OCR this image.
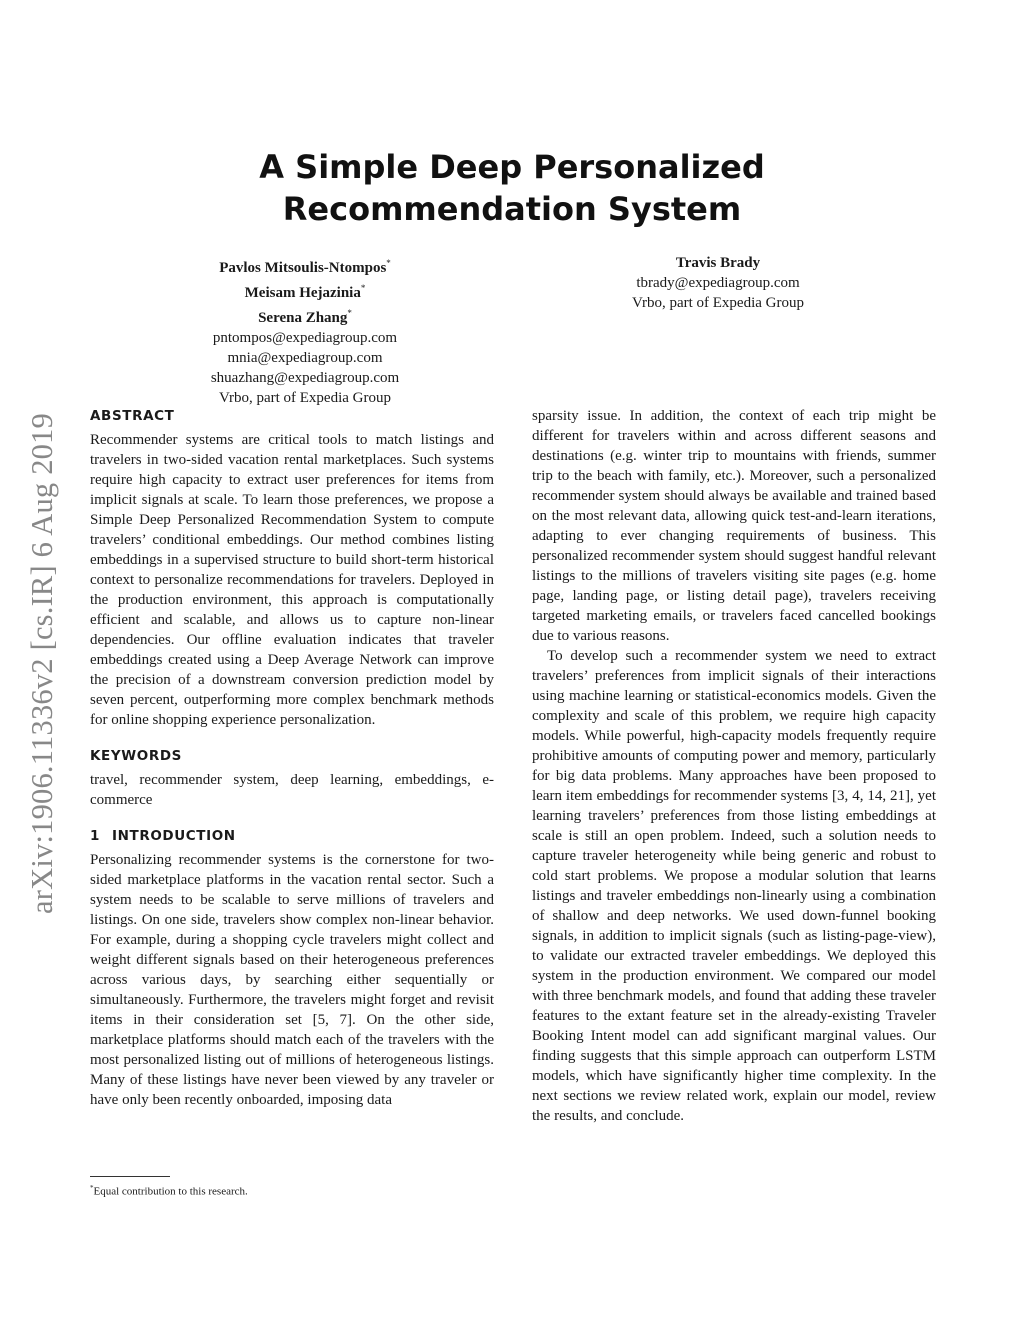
arXiv:1906.11336v2 [cs.IR] 6 Aug 2019
A Simple Deep Personalized Recommendation System
Pavlos Mitsoulis-Ntompos*
Meisam Hejazinia*
Serena Zhang*
pntompos@expediagroup.com
mnia@expediagroup.com
shuazhang@expediagroup.com
Vrbo, part of Expedia Group
Travis Brady
tbrady@expediagroup.com
Vrbo, part of Expedia Group
ABSTRACT

Recommender systems are critical tools to match listings and travelers in two-sided vacation rental marketplaces. Such systems require high capacity to extract user preferences for items from implicit signals at scale. To learn those preferences, we propose a Simple Deep Personalized Recommendation System to compute travelers’ conditional embeddings. Our method combines listing embeddings in a supervised structure to build short-term historical context to personalize recommendations for travelers. Deployed in the production environment, this approach is computationally efficient and scalable, and allows us to capture non-linear dependencies. Our offline evaluation indicates that traveler embeddings created using a Deep Average Network can improve the precision of a downstream conversion prediction model by seven percent, outperforming more complex benchmark methods for online shopping experience personalization.

KEYWORDS

travel, recommender system, deep learning, embeddings, e-commerce

1 INTRODUCTION

Personalizing recommender systems is the cornerstone for two-sided marketplace platforms in the vacation rental sector. Such a system needs to be scalable to serve millions of travelers and listings. On one side, travelers show complex non-linear behavior. For example, during a shopping cycle travelers might collect and weight different signals based on their heterogeneous preferences across various days, by searching either sequentially or simultaneously. Furthermore, the travelers might forget and revisit items in their consideration set [5, 7]. On the other side, marketplace platforms should match each of the travelers with the most personalized listing out of millions of heterogeneous listings. Many of these listings have never been viewed by any traveler or have only been recently onboarded, imposing data

sparsity issue. In addition, the context of each trip might be different for travelers within and across different seasons and destinations (e.g. winter trip to mountains with friends, summer trip to the beach with family, etc.). Moreover, such a personalized recommender system should always be available and trained based on the most relevant data, allowing quick test-and-learn iterations, adapting to ever changing requirements of business. This personalized recommender system should suggest handful relevant listings to the millions of travelers visiting site pages (e.g. home page, landing page, or listing detail page), travelers receiving targeted marketing emails, or travelers faced cancelled bookings due to various reasons.

To develop such a recommender system we need to extract travelers’ preferences from implicit signals of their interactions using machine learning or statistical-economics models. Given the complexity and scale of this problem, we require high capacity models. While powerful, high-capacity models frequently require prohibitive amounts of computing power and memory, particularly for big data problems. Many approaches have been proposed to learn item embeddings for recommender systems [3, 4, 14, 21], yet learning travelers’ preferences from those listing embeddings at scale is still an open problem. Indeed, such a solution needs to capture traveler heterogeneity while being generic and robust to cold start problems. We propose a modular solution that learns listings and traveler embeddings non-linearly using a combination of shallow and deep networks. We used down-funnel booking signals, in addition to implicit signals (such as listing-page-view), to validate our extracted traveler embeddings. We deployed this system in the production environment. We compared our model with three benchmark models, and found that adding these traveler features to the extant feature set in the already-existing Traveler Booking Intent model can add significant marginal values. Our finding suggests that this simple approach can outperform LSTM models, which have significantly higher time complexity. In the next sections we review related work, explain our model, review the results, and conclude.

*Equal contribution to this research.
